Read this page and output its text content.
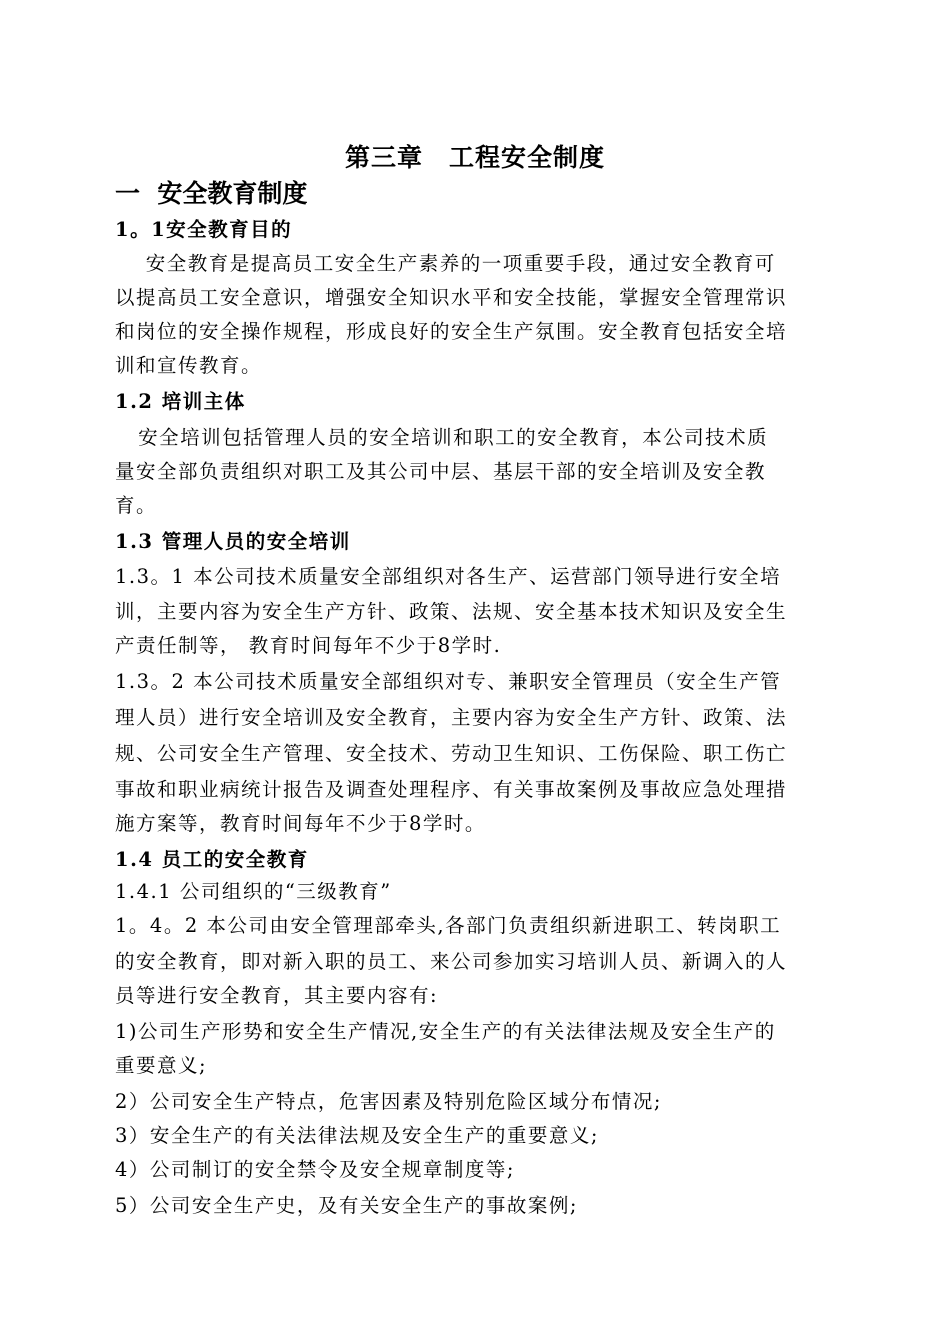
第三章　工程安全制度
一  安全教育制度
1。1安全教育目的
安全教育是提高员工安全生产素养的一项重要手段，通过安全教育可
以提高员工安全意识，增强安全知识水平和安全技能，掌握安全管理常识
和岗位的安全操作规程，形成良好的安全生产氛围。安全教育包括安全培
训和宣传教育。
1.2 培训主体
安全培训包括管理人员的安全培训和职工的安全教育，本公司技术质
量安全部负责组织对职工及其公司中层、基层干部的安全培训及安全教
育。
1.3 管理人员的安全培训
1.3。1 本公司技术质量安全部组织对各生产、运营部门领导进行安全培
训，主要内容为安全生产方针、政策、法规、安全基本技术知识及安全生
产责任制等， 教育时间每年不少于8学时.
1.3。2 本公司技术质量安全部组织对专、兼职安全管理员（安全生产管
理人员）进行安全培训及安全教育，主要内容为安全生产方针、政策、法
规、公司安全生产管理、安全技术、劳动卫生知识、工伤保险、职工伤亡
事故和职业病统计报告及调查处理程序、有关事故案例及事故应急处理措
施方案等，教育时间每年不少于8学时。
1.4 员工的安全教育
1.4.1 公司组织的“三级教育”
1。4。2 本公司由安全管理部牵头,各部门负责组织新进职工、转岗职工
的安全教育，即对新入职的员工、来公司参加实习培训人员、新调入的人
员等进行安全教育，其主要内容有:
1)公司生产形势和安全生产情况,安全生产的有关法律法规及安全生产的
重要意义;
2）公司安全生产特点，危害因素及特别危险区域分布情况;
3）安全生产的有关法律法规及安全生产的重要意义;
4）公司制订的安全禁令及安全规章制度等;
5）公司安全生产史，及有关安全生产的事故案例;
